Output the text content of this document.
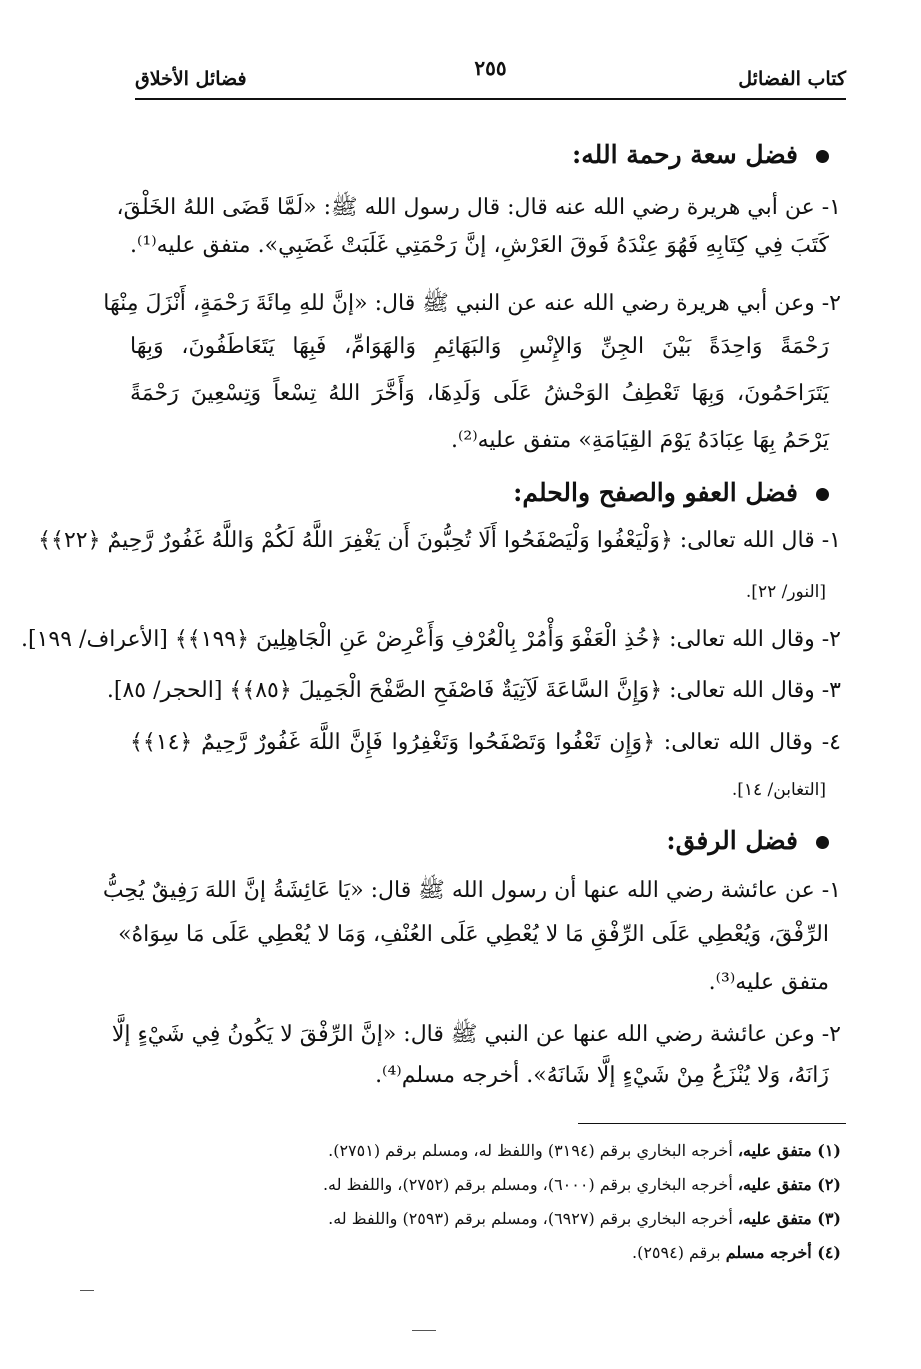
كتاب الفضائل
٢٥٥
فضائل الأخلاق
فضل سعة رحمة الله:
١- عن أبي هريرة رضي الله عنه قال: قال رسول الله ﷺ: «لَمَّا قَضَى اللهُ الخَلْقَ،
كَتَبَ فِي كِتَابِهِ فَهُوَ عِنْدَهُ فَوقَ العَرْشِ، إنَّ رَحْمَتِي غَلَبَتْ غَضَبِي». متفق عليه⁽¹⁾.
٢- وعن أبي هريرة رضي الله عنه عن النبي ﷺ قال: «إنَّ للهِ مِائَةَ رَحْمَةٍ، أَنْزَلَ مِنْهَا
رَحْمَةً وَاحِدَةً بَيْنَ الجِنِّ وَالإِنْسِ وَالبَهَائِمِ وَالهَوَامِّ، فَبِهَا يَتَعَاطَفُونَ، وَبِهَا
يَتَرَاحَمُونَ، وَبِهَا تَعْطِفُ الوَحْشُ عَلَى وَلَدِهَا، وَأَخَّرَ اللهُ تِسْعاً وَتِسْعِينَ رَحْمَةً
يَرْحَمُ بِهَا عِبَادَهُ يَوْمَ القِيَامَةِ» متفق عليه⁽²⁾.
فضل العفو والصفح والحلم:
١- قال الله تعالى: ﴿وَلْيَعْفُوا وَلْيَصْفَحُوا أَلَا تُحِبُّونَ أَن يَغْفِرَ اللَّهُ لَكُمْ وَاللَّهُ غَفُورٌ رَّحِيمٌ ﴿٢٢﴾﴾
[النور/ ٢٢].
٢- وقال الله تعالى: ﴿خُذِ الْعَفْوَ وَأْمُرْ بِالْعُرْفِ وَأَعْرِضْ عَنِ الْجَاهِلِينَ ﴿١٩٩﴾﴾ [الأعراف/ ١٩٩].
٣- وقال الله تعالى: ﴿وَإِنَّ السَّاعَةَ لَآتِيَةٌ فَاصْفَحِ الصَّفْحَ الْجَمِيلَ ﴿٨٥﴾﴾ [الحجر/ ٨٥].
٤- وقال الله تعالى: ﴿وَإِن تَعْفُوا وَتَصْفَحُوا وَتَغْفِرُوا فَإِنَّ اللَّهَ غَفُورٌ رَّحِيمٌ ﴿١٤﴾﴾
[التغابن/ ١٤].
فضل الرفق:
١- عن عائشة رضي الله عنها أن رسول الله ﷺ قال: «يَا عَائِشَةُ إنَّ اللهَ رَفِيقٌ يُحِبُّ
الرِّفْقَ، وَيُعْطِي عَلَى الرِّفْقِ مَا لا يُعْطِي عَلَى العُنْفِ، وَمَا لا يُعْطِي عَلَى مَا سِوَاهُ»
متفق عليه⁽³⁾.
٢- وعن عائشة رضي الله عنها عن النبي ﷺ قال: «إنَّ الرِّفْقَ لا يَكُونُ فِي شَيْءٍ إلَّا
زَانَهُ، وَلا يُنْزَعُ مِنْ شَيْءٍ إلَّا شَانَهُ». أخرجه مسلم⁽⁴⁾.
(١) متفق عليه، أخرجه البخاري برقم (٣١٩٤) واللفظ له، ومسلم برقم (٢٧٥١).
(٢) متفق عليه، أخرجه البخاري برقم (٦٠٠٠)، ومسلم برقم (٢٧٥٢)، واللفظ له.
(٣) متفق عليه، أخرجه البخاري برقم (٦٩٢٧)، ومسلم برقم (٢٥٩٣) واللفظ له.
(٤) أخرجه مسلم برقم (٢٥٩٤).
